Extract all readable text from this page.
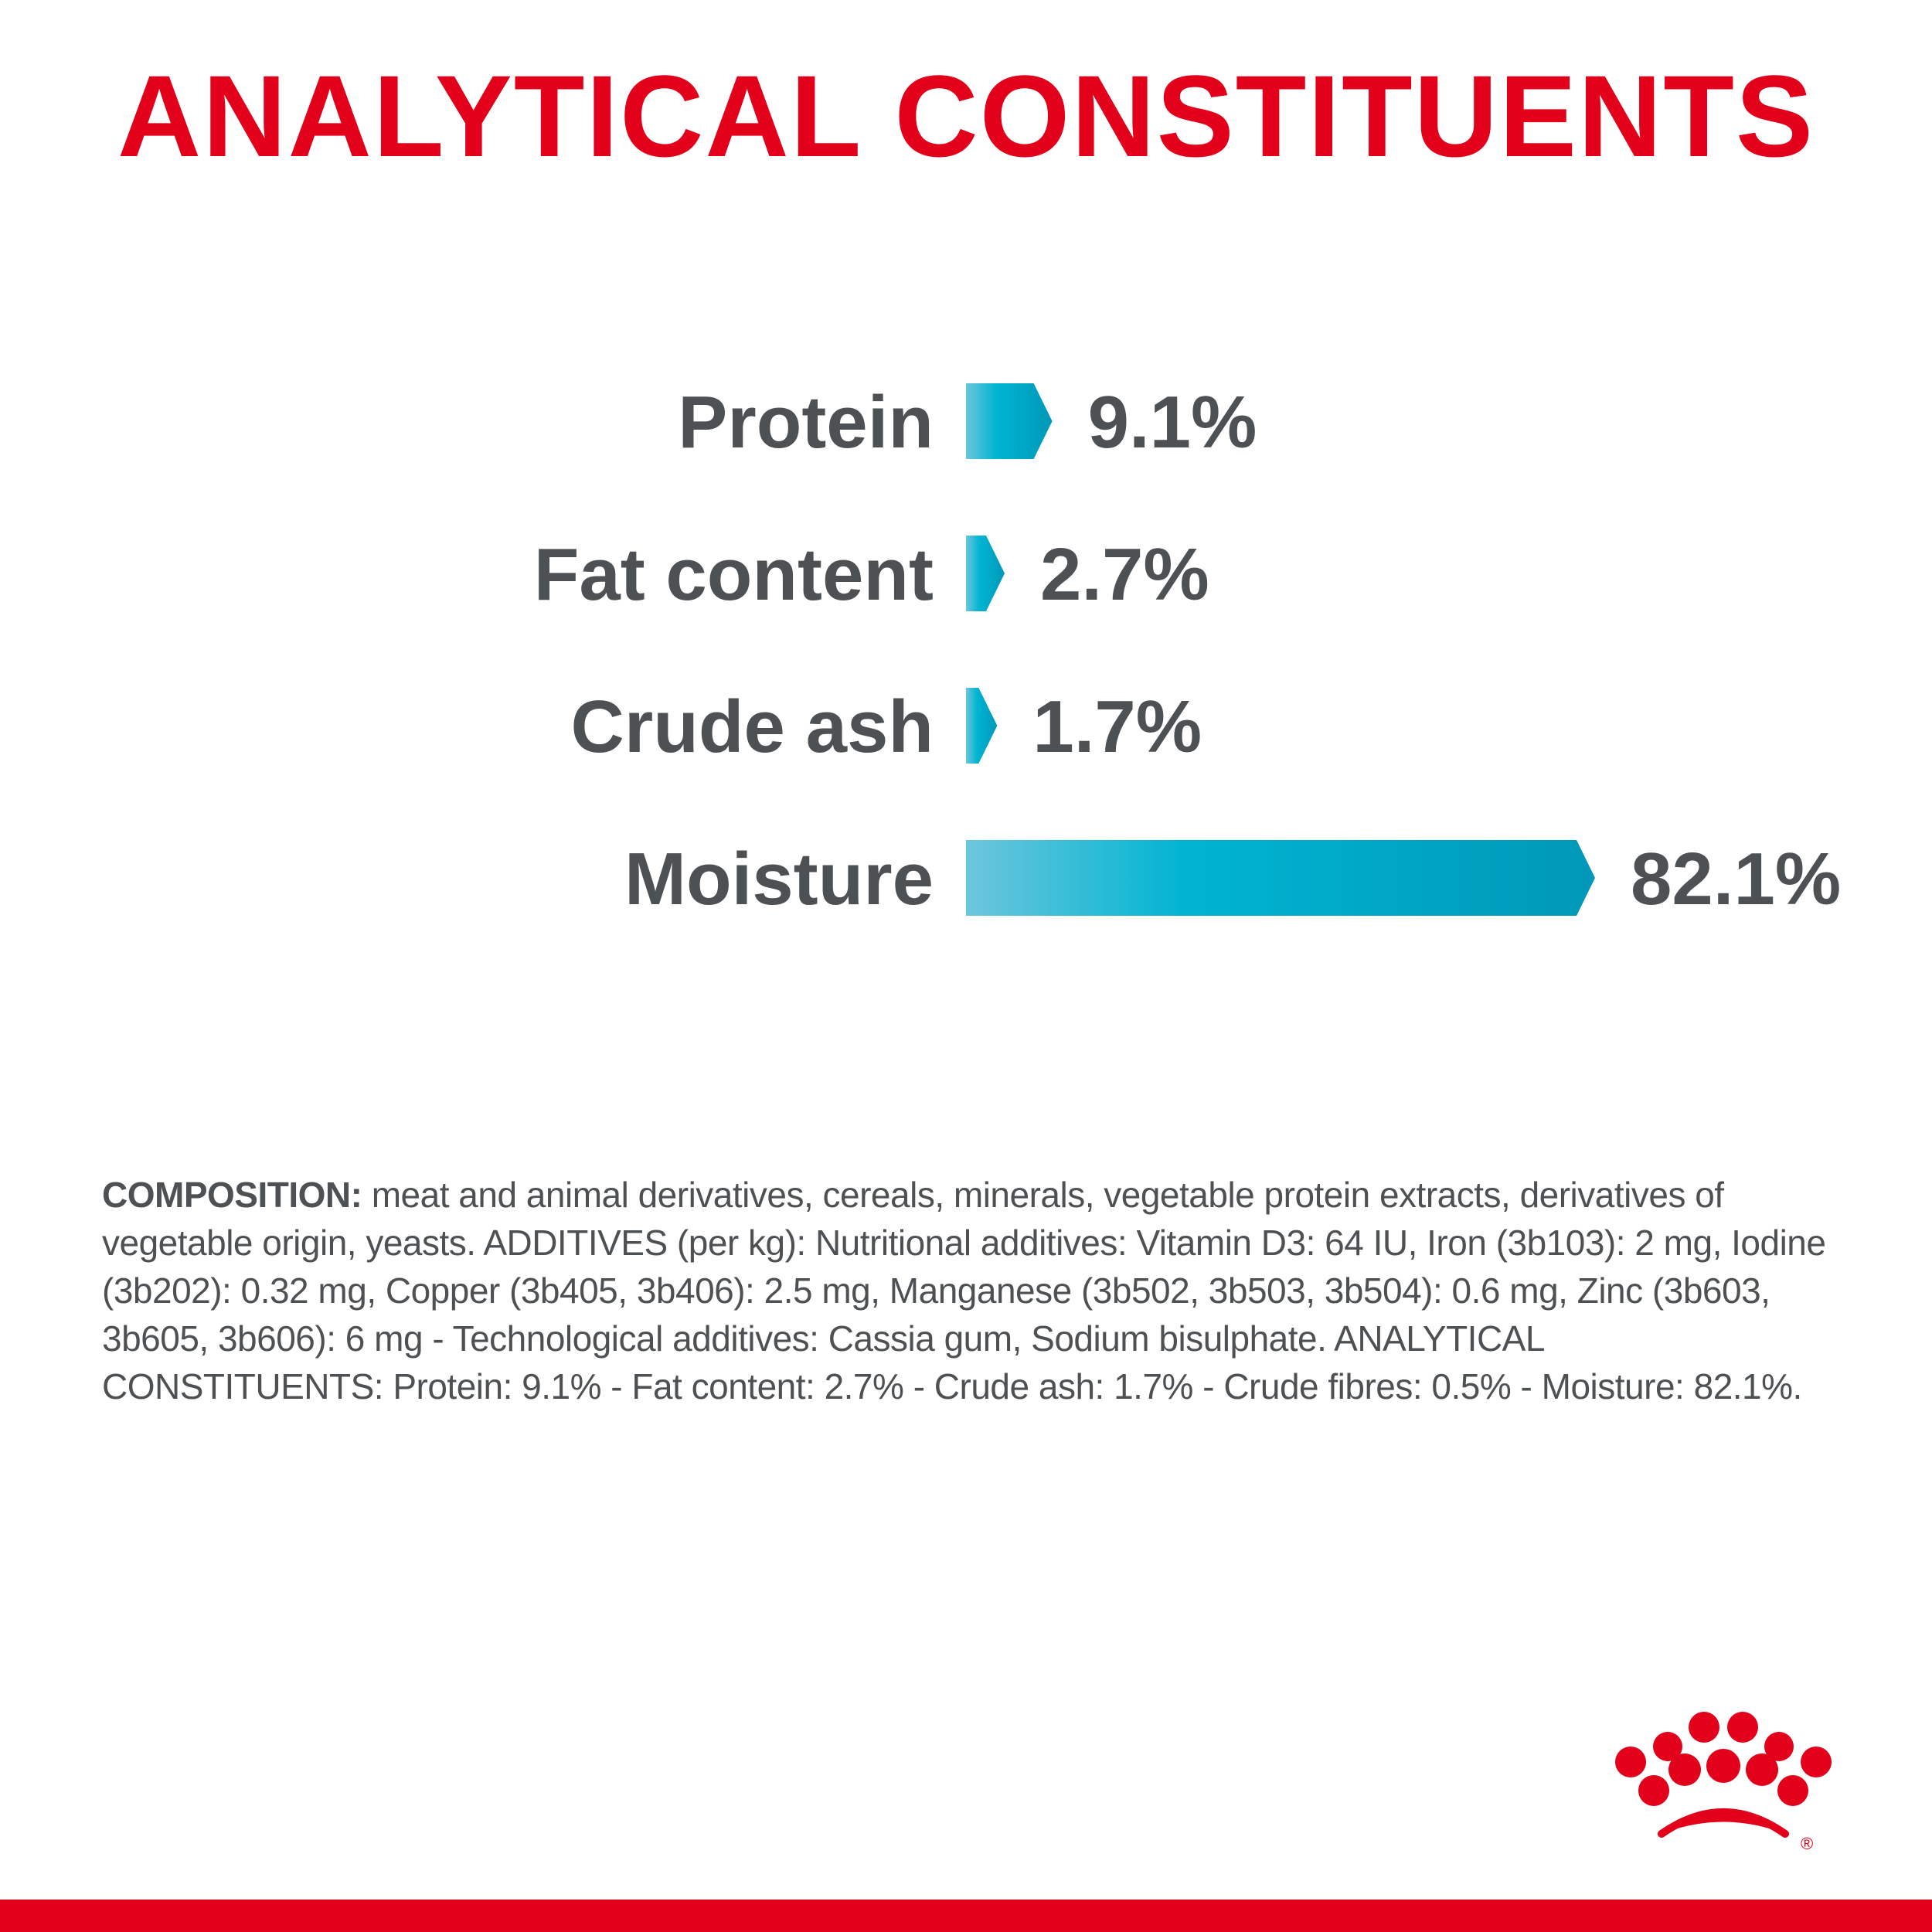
ANALYTICAL CONSTITUENTS
Protein 9.1%
Fat content 2.7%
Crude ash 1.7%
Moisture	82.1%

COMPOSITION: meat and animal derivatives, cereals, minerals, vegetable protein extracts, derivatives of vegetable origin, yeasts. ADDITIVES (per kg): Nutritional additives: Vitamin D3: 64 IU, Iron (3b103): 2 mg, Iodine (3b202): 0.32 mg, Copper (3b405, 3b406): 2.5 mg, Manganese (3b502, 3b503, 3b504): 0.6 mg, Zinc (3b603, 3b605, 3b606): 6 mg - Technological additives: Cassia gum, Sodium bisulphate. ANALYTICAL CONSTITUENTS: Protein: 9.1% - Fat content: 2.7% - Crude ash: 1.7% - Crude fibres: 0.5% - Moisture: 82.1%.

®
